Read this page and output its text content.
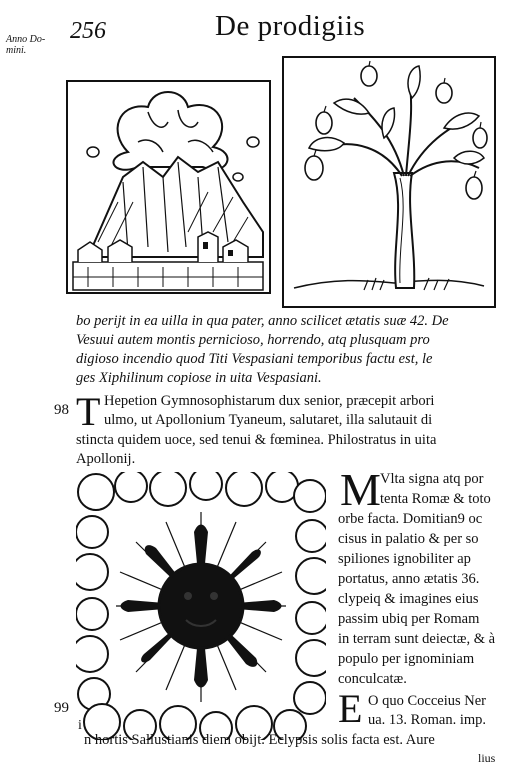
Anno Do-
mini.
256	De prodigiis
bo perijt in ea uilla in qua pater, anno scilicet ætatis suæ 42. De
Vesuui autem montis pernicioso, horrendo, atq plusquam pro
digioso incendio quod Titi Vespasiani temporibus factu est, le
ges Xiphilinum copiose in uita Vespasiani.
98 T Hepetion Gymnosophistarum dux senior, præcepit arbori
ulmo, ut Apollonium Tyaneum, salutaret, illa salutauit di
stincta quidem uoce, sed tenui & fœminea. Philostratus in uita
Apollonij.
M Vlta signa atq por
tenta Romæ & toto
orbe facta. Domitian9 oc
cisus in palatio & per so
spiliones ignobiliter ap
portatus, anno ætatis 36.
clypeiq & imagines eius
passim ubiq per Romam
in terram sunt deiectæ, & à
populo per ignominiam
conculcatæ.
99	E O quo Cocceius Ner
ua. 13. Roman. imp.
i
n hortis Sallustianis diem obijt. Eclypsis solis facta est. Aure
lius
